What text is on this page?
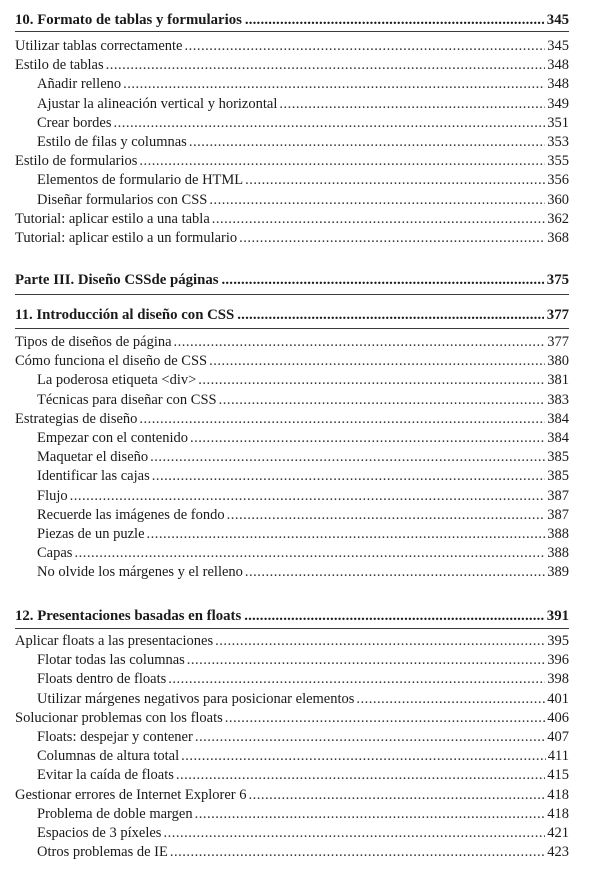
10. Formato de tablas y formularios .....	345
Utilizar tablas correctamente .....	345
Estilo de tablas .....	348
Añadir relleno .....	348
Ajustar la alineación vertical y horizontal .....	349
Crear bordes .....	351
Estilo de filas y columnas .....	353
Estilo de formularios .....	355
Elementos de formulario de HTML .....	356
Diseñar formularios con CSS .....	360
Tutorial: aplicar estilo a una tabla .....	362
Tutorial: aplicar estilo a un formulario .....	368
Parte III. Diseño CSSde páginas .....	375
11. Introducción al diseño con CSS .....	377
Tipos de diseños de página .....	377
Cómo funciona el diseño de CSS .....	380
La poderosa etiqueta <div> .....	381
Técnicas para diseñar con CSS .....	383
Estrategias de diseño .....	384
Empezar con el contenido .....	384
Maquetar el diseño .....	385
Identificar las cajas .....	385
Flujo .....	387
Recuerde las imágenes de fondo .....	387
Piezas de un puzle .....	388
Capas .....	388
No olvide los márgenes y el relleno .....	389
12. Presentaciones basadas en floats .....	391
Aplicar floats a las presentaciones .....	395
Flotar todas las columnas .....	396
Floats dentro de floats .....	398
Utilizar márgenes negativos para posicionar elementos .....	401
Solucionar problemas con los floats .....	406
Floats: despejar y contener .....	407
Columnas de altura total .....	411
Evitar la caída de floats .....	415
Gestionar errores de Internet Explorer 6 .....	418
Problema de doble margen .....	418
Espacios de 3 píxeles .....	421
Otros problemas de IE .....	423
